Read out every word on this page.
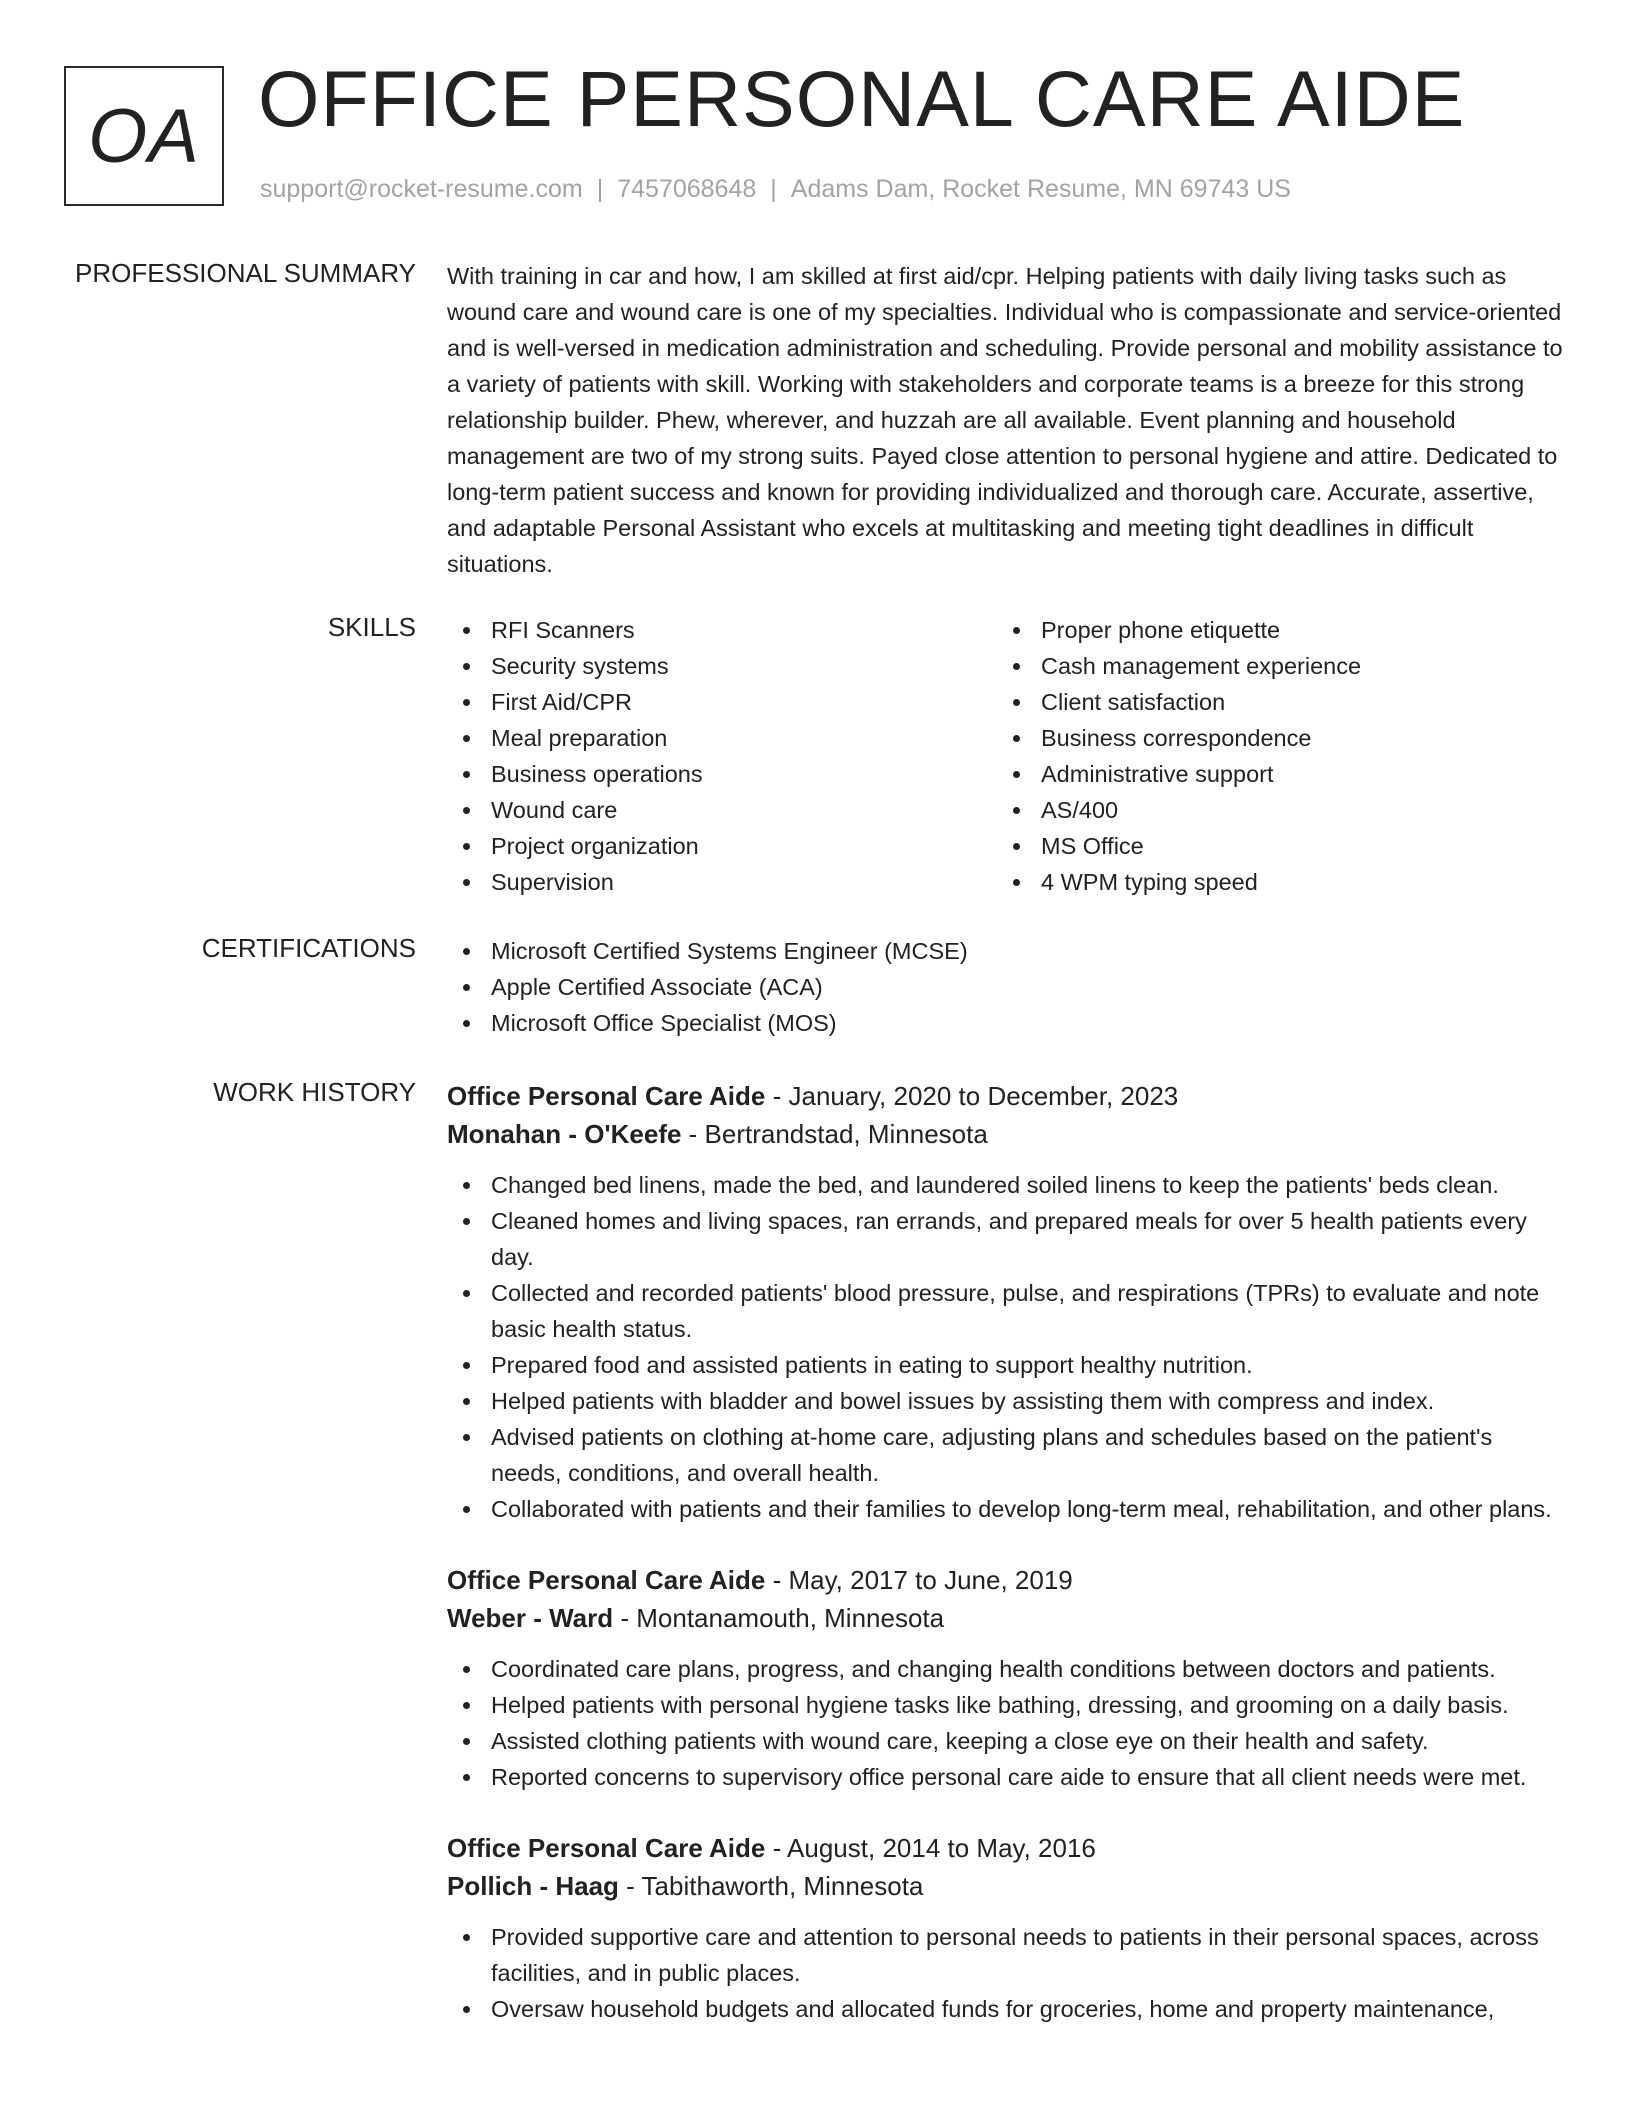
OA OFFICE PERSONAL CARE AIDE
support@rocket-resume.com | 7457068648 | Adams Dam, Rocket Resume, MN 69743 US
PROFESSIONAL SUMMARY With training in car and how, I am skilled at first aid/cpr. Helping patients with daily living tasks such as wound care and wound care is one of my specialties. Individual who is compassionate and service-oriented and is well-versed in medication administration and scheduling. Provide personal and mobility assistance to a variety of patients with skill. Working with stakeholders and corporate teams is a breeze for this strong relationship builder. Phew, wherever, and huzzah are all available. Event planning and household management are two of my strong suits. Payed close attention to personal hygiene and attire. Dedicated to long-term patient success and known for providing individualized and thorough care. Accurate, assertive, and adaptable Personal Assistant who excels at multitasking and meeting tight deadlines in difficult situations.

SKILLS	RFI Scanners
Security systems
First Aid/CPR
Meal preparation
Business operations
Wound care
Project organization
Supervision
Proper phone etiquette
Cash management experience
Client satisfaction
Business correspondence
Administrative support
AS/400
MS Office
4 WPM typing speed
CERTIFICATIONS	Microsoft Certified Systems Engineer (MCSE)
Apple Certified Associate (ACA)
Microsoft Office Specialist (MOS)
WORK HISTORY Office Personal Care Aide - January, 2020 to December, 2023
Monahan - O'Keefe - Bertrandstad, Minnesota
Changed bed linens, made the bed, and laundered soiled linens to keep the patients' beds clean.
Cleaned homes and living spaces, ran errands, and prepared meals for over 5 health patients every day.
Collected and recorded patients' blood pressure, pulse, and respirations (TPRs) to evaluate and note basic health status.
Prepared food and assisted patients in eating to support healthy nutrition.
Helped patients with bladder and bowel issues by assisting them with compress and index.
Advised patients on clothing at-home care, adjusting plans and schedules based on the patient's needs, conditions, and overall health.
Collaborated with patients and their families to develop long-term meal, rehabilitation, and other plans.
Office Personal Care Aide - May, 2017 to June, 2019
Weber - Ward - Montanamouth, Minnesota
Coordinated care plans, progress, and changing health conditions between doctors and patients.
Helped patients with personal hygiene tasks like bathing, dressing, and grooming on a daily basis.
Assisted clothing patients with wound care, keeping a close eye on their health and safety.
Reported concerns to supervisory office personal care aide to ensure that all client needs were met.
Office Personal Care Aide - August, 2014 to May, 2016
Pollich - Haag - Tabithaworth, Minnesota
Provided supportive care and attention to personal needs to patients in their personal spaces, across facilities, and in public places.
Oversaw household budgets and allocated funds for groceries, home and property maintenance,
